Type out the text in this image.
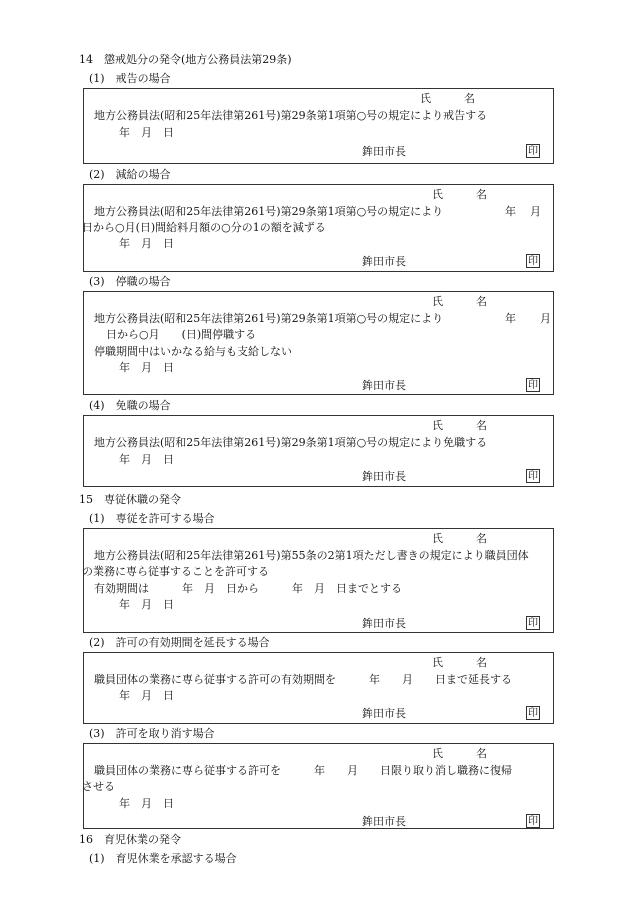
14　懲戒処分の発令(地方公務員法第29条)
(1)　戒告の場合
氏　　　名
地方公務員法(昭和25年法律第261号)第29条第1項第○号の規定により戒告する
年　月　日
鉾田市長	印
(2)　減給の場合
氏　　　名
地方公務員法(昭和25年法律第261号)第29条第1項第○号の規定により	年 月
日から○月(日)間給料月額の○分の1の額を減ずる
年　月　日
鉾田市長	印
(3)　停職の場合
氏　　　名
地方公務員法(昭和25年法律第261号)第29条第1項第○号の規定により	年 月
日から○月　　(日)間停職する
停職期間中はいかなる給与も支給しない
年　月　日
鉾田市長	印
(4)　免職の場合
氏　　　名
地方公務員法(昭和25年法律第261号)第29条第1項第○号の規定により免職する
年　月　日
鉾田市長	印
15　専従休職の発令
(1)　専従を許可する場合
氏　　　名
地方公務員法(昭和25年法律第261号)第55条の2第1項ただし書きの規定により職員団体
の業務に専ら従事することを許可する
有効期間は　　　年　月　日から　　　年　月　日までとする
年　月　日
鉾田市長	印
(2)　許可の有効期間を延長する場合
氏　　　名
職員団体の業務に専ら従事する許可の有効期間を　　　年　　月　　日まで延長する
年　月　日
鉾田市長	印
(3)　許可を取り消す場合
氏　　　名
職員団体の業務に専ら従事する許可を　　　年　　月　　日限り取り消し職務に復帰
させる
年　月　日
鉾田市長	印
16　育児休業の発令
(1)　育児休業を承認する場合
